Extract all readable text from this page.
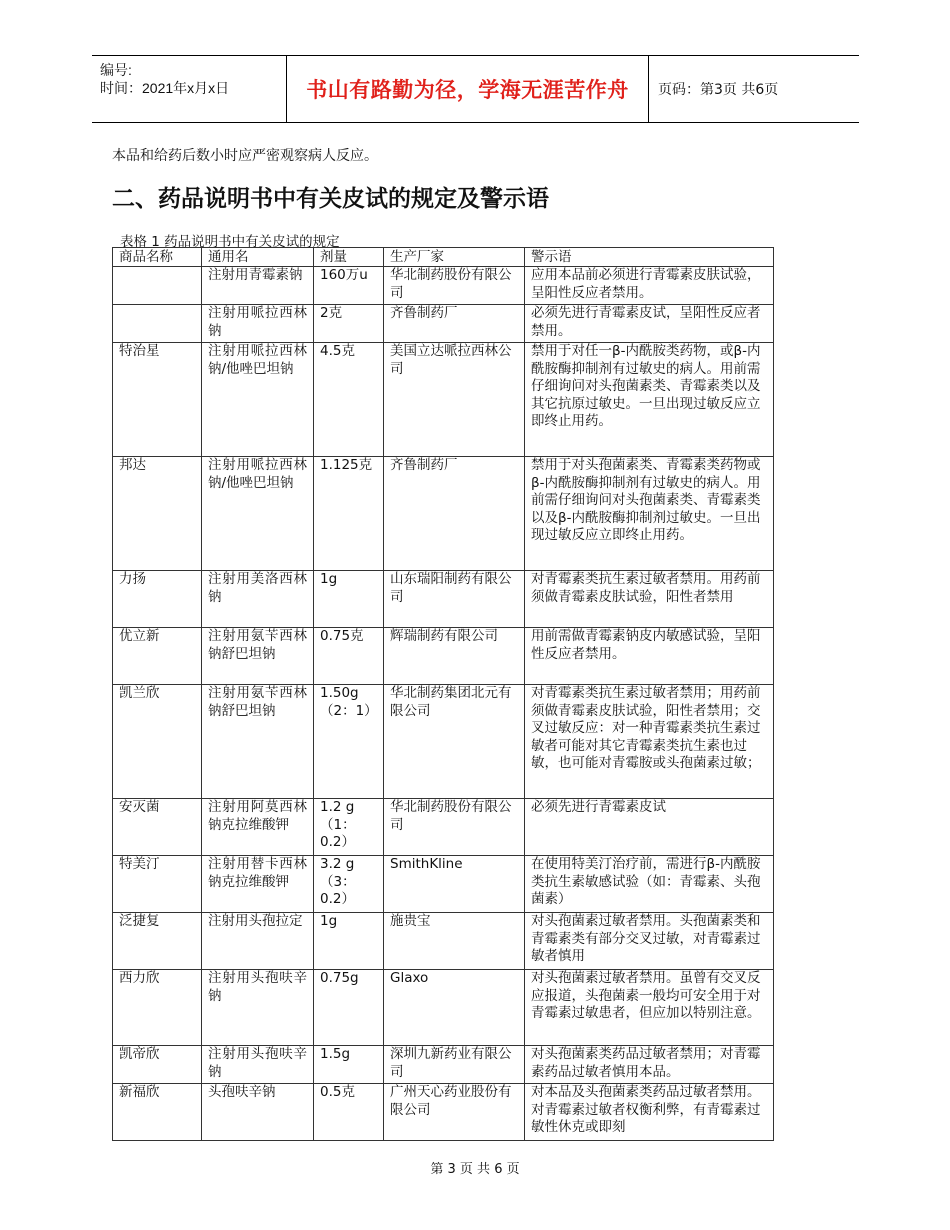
编号:
时间：2021年x月x日	书山有路勤为径，学海无涯苦作舟	页码：第3页 共6页
本品和给药后数小时应严密观察病人反应。
二、药品说明书中有关皮试的规定及警示语
表格 1 药品说明书中有关皮试的规定
商品名称	通用名	剂量	生产厂家	警示语
	注射用青霉素钠	160万u	华北制药股份有限公司	应用本品前必须进行青霉素皮肤试验，呈阳性反应者禁用。
	注射用哌拉西林钠	2克	齐鲁制药厂	必须先进行青霉素皮试，呈阳性反应者禁用。
特治星	注射用哌拉西林钠/他唑巴坦钠	4.5克	美国立达哌拉西林公司	禁用于对任一β-内酰胺类药物，或β-内酰胺酶抑制剂有过敏史的病人。用前需仔细询问对头孢菌素类、青霉素类以及其它抗原过敏史。一旦出现过敏反应立即终止用药。
邦达	注射用哌拉西林钠/他唑巴坦钠	1.125克	齐鲁制药厂	禁用于对头孢菌素类、青霉素类药物或β-内酰胺酶抑制剂有过敏史的病人。用前需仔细询问对头孢菌素类、青霉素类以及β-内酰胺酶抑制剂过敏史。一旦出现过敏反应立即终止用药。
力扬	注射用美洛西林钠	1g	山东瑞阳制药有限公司	对青霉素类抗生素过敏者禁用。用药前须做青霉素皮肤试验，阳性者禁用
优立新	注射用氨苄西林钠舒巴坦钠	0.75克	辉瑞制药有限公司	用前需做青霉素钠皮内敏感试验，呈阳性反应者禁用。
凯兰欣	注射用氨苄西林钠舒巴坦钠	1.50g（2：1）	华北制药集团北元有限公司	对青霉素类抗生素过敏者禁用；用药前须做青霉素皮肤试验，阳性者禁用；交叉过敏反应：对一种青霉素类抗生素过敏者可能对其它青霉素类抗生素也过敏，也可能对青霉胺或头孢菌素过敏；
安灭菌	注射用阿莫西林钠克拉维酸钾	1.2 g（1：0.2）	华北制药股份有限公司	必须先进行青霉素皮试
特美汀	注射用替卡西林钠克拉维酸钾	3.2 g（3：0.2）	SmithKline	在使用特美汀治疗前，需进行β-内酰胺类抗生素敏感试验（如：青霉素、头孢菌素）
泛捷复	注射用头孢拉定	1g	施贵宝	对头孢菌素过敏者禁用。头孢菌素类和青霉素类有部分交叉过敏，对青霉素过敏者慎用
西力欣	注射用头孢呋辛钠	0.75g	Glaxo	对头孢菌素过敏者禁用。虽曾有交叉反应报道，头孢菌素一般均可安全用于对青霉素过敏患者，但应加以特别注意。
凯帝欣	注射用头孢呋辛钠	1.5g	深圳九新药业有限公司	对头孢菌素类药品过敏者禁用；对青霉素药品过敏者慎用本品。
新福欣	头孢呋辛钠	0.5克	广州天心药业股份有限公司	对本品及头孢菌素类药品过敏者禁用。对青霉素过敏者权衡利弊，有青霉素过敏性休克或即刻
第 3 页 共 6 页
